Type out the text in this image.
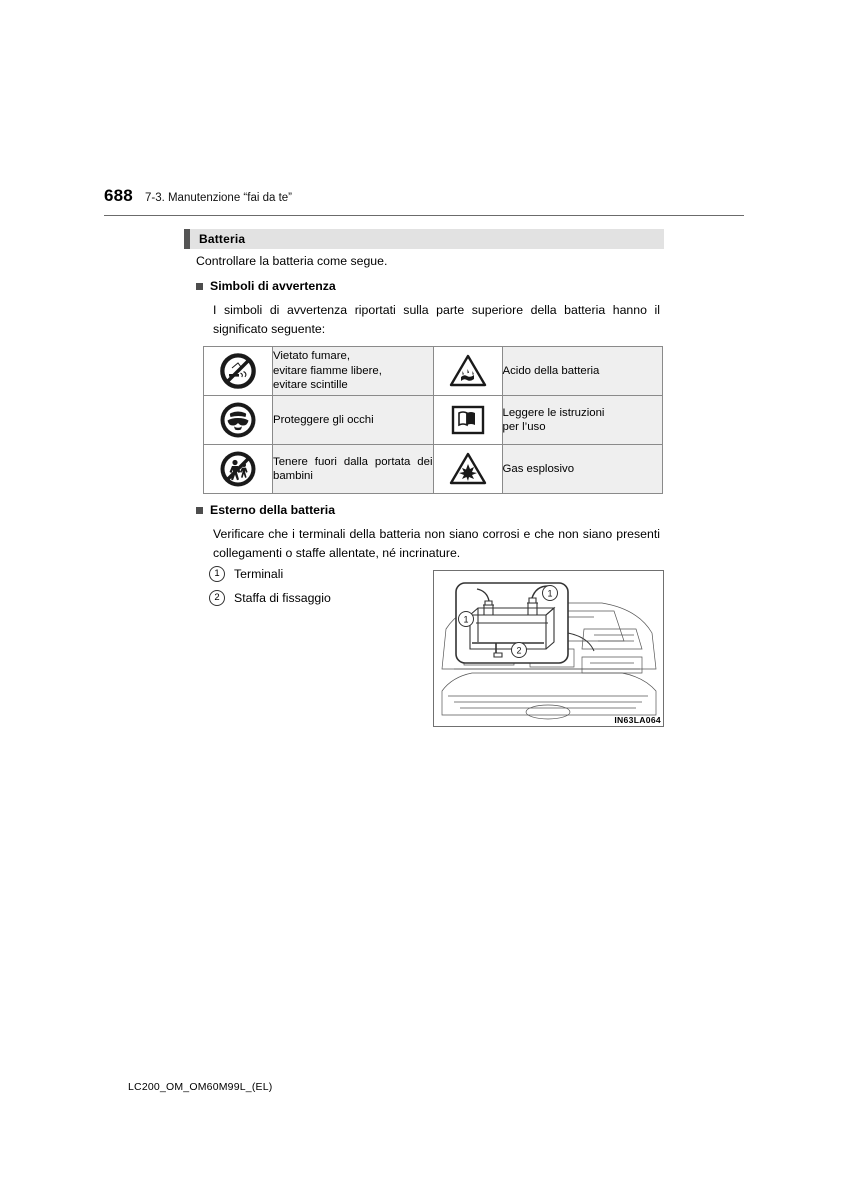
688 7-3. Manutenzione “fai da te”
Batteria
Controllare la batteria come segue.
Simboli di avvertenza
I simboli di avvertenza riportati sulla parte superiore della batteria hanno il significato seguente:
	Vietato fumare,
evitare fiamme libere,
evitare scintille		Acido della batteria

	Proteggere gli occhi		Leggere le istruzioni
per l’uso

	Tenere fuori dalla portata dei bambini		Gas esplosivo
Esterno della batteria
Verificare che i terminali della batteria non siano corrosi e che non siano presenti collegamenti o staffe allentate, né incrinature.
1	Terminali
2	Staffa di fissaggio	1
1
2
IN63LA064
LC200_OM_OM60M99L_(EL)
